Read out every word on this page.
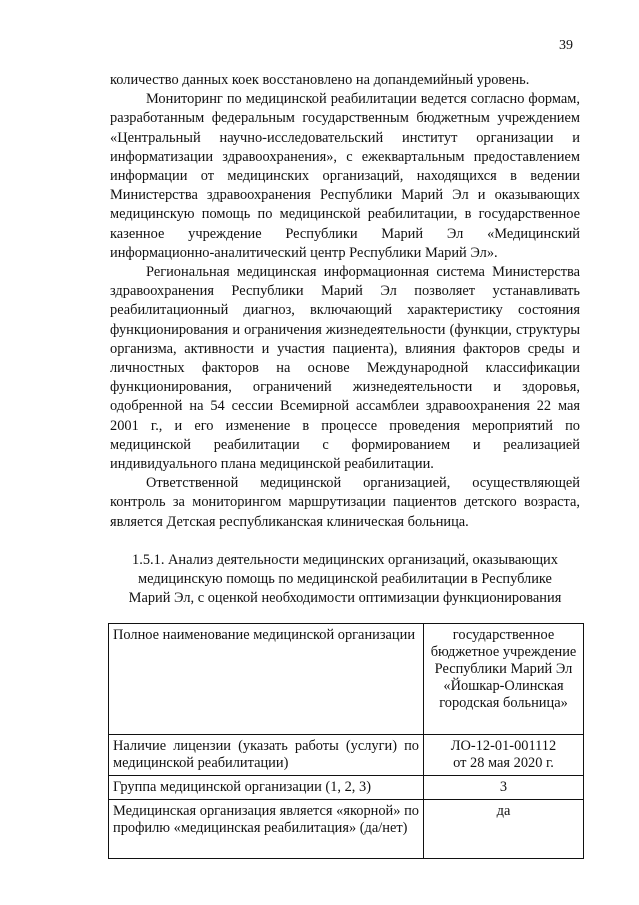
39

количество данных коек восстановлено на допандемийный уровень.

Мониторинг по медицинской реабилитации ведется согласно формам, разработанным федеральным государственным бюджетным учреждением «Центральный научно-исследовательский институт организации и информатизации здравоохранения», с ежеквартальным предоставлением информации от медицинских организаций, находящихся в ведении Министерства здравоохранения Республики Марий Эл и оказывающих медицинскую помощь по медицинской реабилитации, в государственное казенное учреждение Республики Марий Эл «Медицинский информационно-аналитический центр Республики Марий Эл».

Региональная медицинская информационная система Министерства здравоохранения Республики Марий Эл позволяет устанавливать реабилитационный диагноз, включающий характеристику состояния функционирования и ограничения жизнедеятельности (функции, структуры организма, активности и участия пациента), влияния факторов среды и личностных факторов на основе Международной классификации функционирования, ограничений жизнедеятельности и здоровья, одобренной на 54 сессии Всемирной ассамблеи здравоохранения 22 мая 2001 г., и его изменение в процессе проведения мероприятий по медицинской реабилитации с формированием и реализацией индивидуального плана медицинской реабилитации.

Ответственной медицинской организацией, осуществляющей контроль за мониторингом маршрутизации пациентов детского возраста, является Детская республиканская клиническая больница.

1.5.1. Анализ деятельности медицинских организаций, оказывающих
медицинскую помощь по медицинской реабилитации в Республике
Марий Эл, с оценкой необходимости оптимизации функционирования
Полное наименование медицинской организации	государственное бюджетное учреждение Республики Марий Эл «Йошкар-Олинская городская больница»
Наличие лицензии (указать работы (услуги) по медицинской реабилитации)	ЛО-12-01-001112
от 28 мая 2020 г.

Группа медицинской организации (1, 2, 3)	3
Медицинская организация является «якорной» по профилю «медицинская реабилитация» (да/нет)	да
